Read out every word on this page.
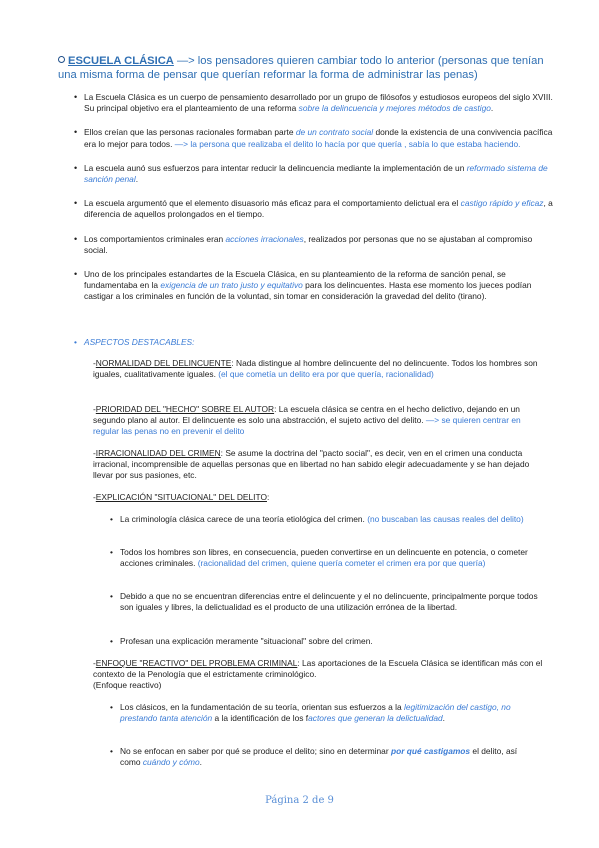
ESCUELA CLÁSICA —> los pensadores quieren cambiar todo lo anterior (personas que tenían
una misma forma de pensar que querían reformar la forma de administrar las penas)
• La Escuela Clásica es un cuerpo de pensamiento desarrollado por un grupo de filósofos y estudiosos europeos del siglo XVIII. Su principal objetivo era el planteamiento de una reforma sobre la delincuencia y mejores métodos de castigo.
• Ellos creían que las personas racionales formaban parte de un contrato social donde la existencia de una convivencia pacífica era lo mejor para todos. —> la persona que realizaba el delito lo hacía por que quería , sabía lo que estaba haciendo.
• La escuela aunó sus esfuerzos para intentar reducir la delincuencia mediante la implementación de un reformado sistema de sanción penal.
• La escuela argumentó que el elemento disuasorio más eficaz para el comportamiento delictual era el castigo rápido y eficaz, a diferencia de aquellos prolongados en el tiempo.
• Los comportamientos criminales eran acciones irracionales, realizados por personas que no se ajustaban al compromiso social.
• Uno de los principales estandartes de la Escuela Clásica, en su planteamiento de la reforma de sanción penal, se fundamentaba en la exigencia de un trato justo y equitativo para los delincuentes. Hasta ese momento los jueces podían castigar a los criminales en función de la voluntad, sin tomar en consideración la gravedad del delito (tirano).
• ASPECTOS DESTACABLES:
-NORMALIDAD DEL DELINCUENTE: Nada distingue al hombre delincuente del no delincuente. Todos los hombres son iguales, cualitativamente iguales. (el que cometía un delito era por que quería, racionalidad)
-PRIORIDAD DEL "HECHO" SOBRE EL AUTOR: La escuela clásica se centra en el hecho delictivo, dejando en un segundo plano al autor. El delincuente es solo una abstracción, el sujeto activo del delito. —> se quieren centrar en regular las penas no en prevenir el delito
-IRRACIONALIDAD DEL CRIMEN: Se asume la doctrina del "pacto social", es decir, ven en el crimen una conducta irracional, incomprensible de aquellas personas que en libertad no han sabido elegir adecuadamente y se han dejado llevar por sus pasiones, etc.
-EXPLICACIÓN "SITUACIONAL" DEL DELITO:
• La criminología clásica carece de una teoría etiológica del crimen. (no buscaban las causas reales del delito)
• Todos los hombres son libres, en consecuencia, pueden convertirse en un delincuente en potencia, o cometer acciones criminales. (racionalidad del crimen, quiene quería cometer el crimen era por que quería)
• Debido a que no se encuentran diferencias entre el delincuente y el no delincuente, principalmente porque todos son iguales y libres, la delictualidad es el producto de una utilización errónea de la libertad.
• Profesan una explicación meramente "situacional" sobre del crimen.
-ENFOQUE "REACTIVO" DEL PROBLEMA CRIMINAL: Las aportaciones de la Escuela Clásica se identifican más con el contexto de la Penología que el estrictamente criminológico.
(Enfoque reactivo)
• Los clásicos, en la fundamentación de su teoría, orientan sus esfuerzos a la legitimización del castigo, no prestando tanta atención a la identificación de los factores que generan la delictualidad.
• No se enfocan en saber por qué se produce el delito; sino en determinar por qué castigamos el delito, así como cuándo y cómo.
Página 2 de 9
